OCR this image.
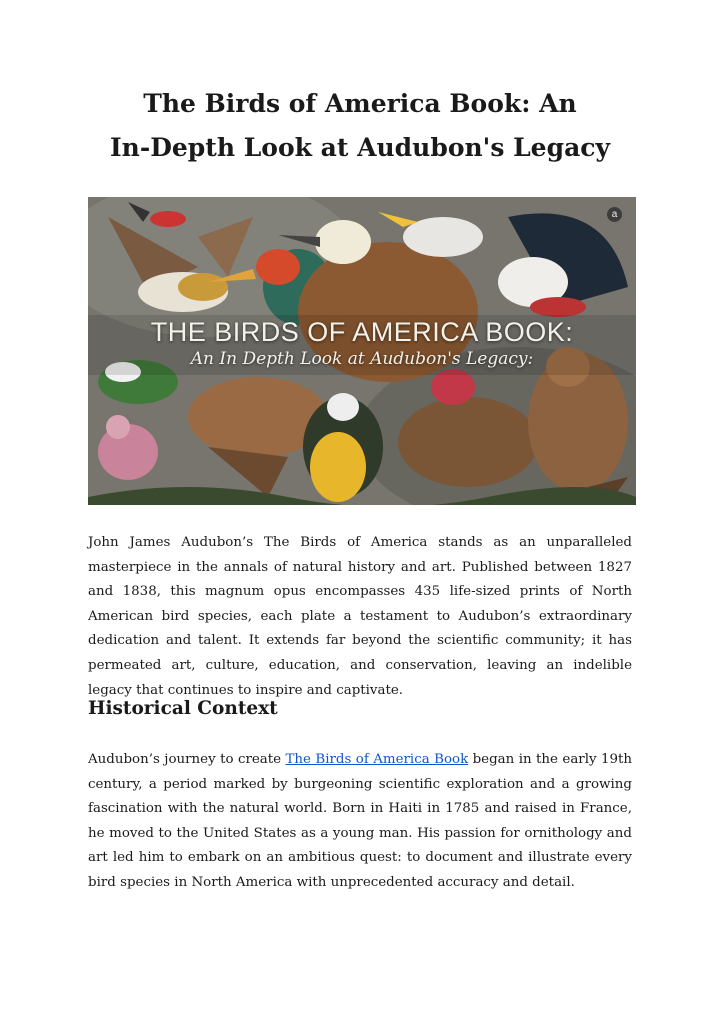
The Birds of America Book: An
In-Depth Look at Audubon's Legacy
THE BIRDS OF AMERICA BOOK:
An In Depth Look at Audubon's Legacy:
a

John James Audubon’s The Birds of America stands as an unparalleled masterpiece in the annals of natural history and art. Published between 1827 and 1838, this magnum opus encompasses 435 life-sized prints of North American bird species, each plate a testament to Audubon’s extraordinary dedication and talent. It extends far beyond the scientific community; it has permeated art, culture, education, and conservation, leaving an indelible legacy that continues to inspire and captivate.

Historical Context

Audubon’s journey to create The Birds of America Book began in the early 19th century, a period marked by burgeoning scientific exploration and a growing fascination with the natural world. Born in Haiti in 1785 and raised in France, he moved to the United States as a young man. His passion for ornithology and art led him to embark on an ambitious quest: to document and illustrate every bird species in North America with unprecedented accuracy and detail.
